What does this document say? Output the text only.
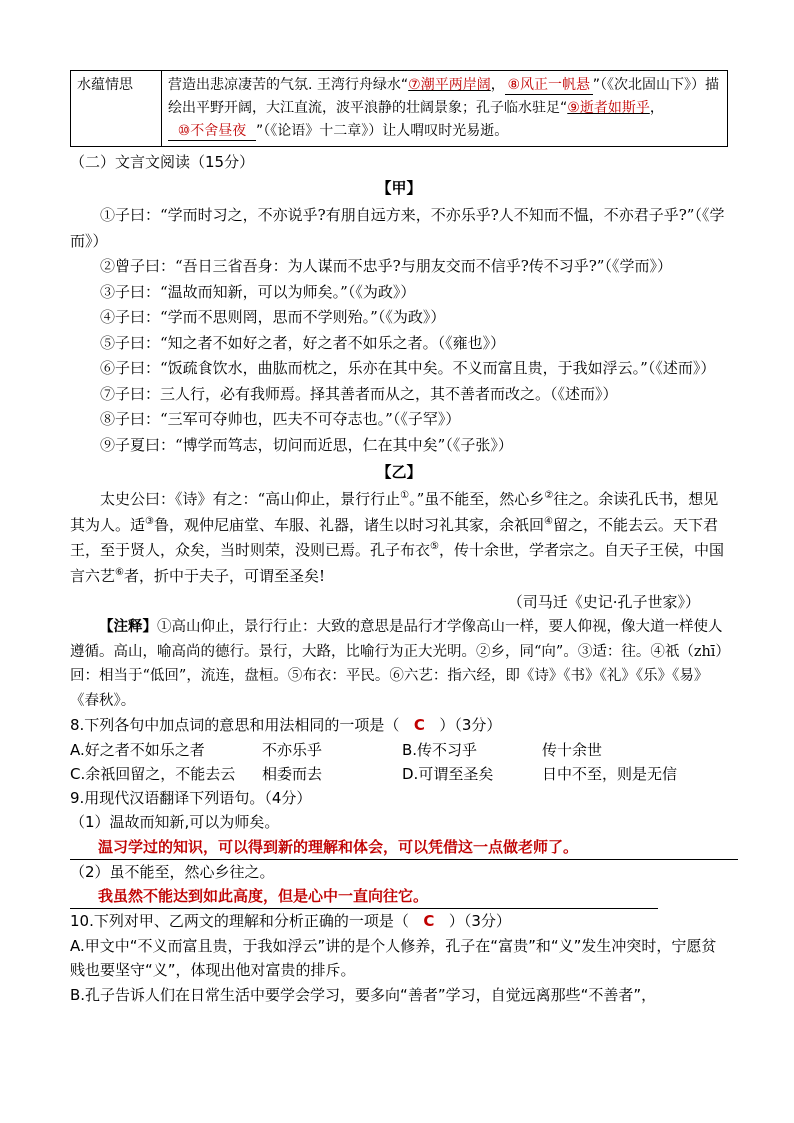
水蕴情思	营造出悲凉凄苦的气氛. 王湾行舟绿水“⑦潮平两岸阔， ⑧风正一帆悬 ”（《次北固山下》）描绘出平野开阔，大江直流，波平浪静的壮阔景象；孔子临水驻足“⑨逝者如斯乎，⑩不舍昼夜 ”（《论语》十二章》）让人喟叹时光易逝。
（二）文言文阅读（15分）
【甲】
①子曰：“学而时习之，不亦说乎?有朋自远方来，不亦乐乎?人不知而不愠，不亦君子乎?”（《学而》）
②曾子曰：“吾日三省吾身：为人谋而不忠乎?与朋友交而不信乎?传不习乎?”（《学而》）
③子曰：“温故而知新，可以为师矣。”（《为政》）
④子曰：“学而不思则罔，思而不学则殆。”（《为政》）
⑤子曰：“知之者不如好之者，好之者不如乐之者。（《雍也》）
⑥子曰：“饭疏食饮水，曲肱而枕之，乐亦在其中矣。不义而富且贵，于我如浮云。”（《述而》）
⑦子曰：三人行，必有我师焉。择其善者而从之，其不善者而改之。（《述而》）
⑧子曰：“三军可夺帅也，匹夫不可夺志也。”（《子罕》）
⑨子夏曰：“博学而笃志，切问而近思，仁在其中矣”（《子张》）
【乙】
太史公曰：《诗》有之：“高山仰止，景行行止①。”虽不能至，然心乡②往之。余读孔氏书，想见其为人。适③鲁，观仲尼庙堂、车服、礼器，诸生以时习礼其家，余祇回④留之，不能去云。天下君王，至于贤人，众矣，当时则荣，没则已焉。孔子布衣⑤，传十余世，学者宗之。自天子王侯，中国言六艺⑥者，折中于夫子，可谓至圣矣!
（司马迁《史记·孔子世家》）
【注释】①高山仰止，景行行止：大致的意思是品行才学像高山一样，要人仰视，像大道一样使人遵循。高山，喻高尚的德行。景行，大路，比喻行为正大光明。②乡，同“向”。③适：往。④祇（zhī）回：相当于“低回”，流连，盘桓。⑤布衣：平民。⑥六艺：指六经，即《诗》《书》《礼》《乐》《易》《春秋》。
8.下列各句中加点词的意思和用法相同的一项是（ C ）（3分）
A.好之者不如乐之者	不亦乐乎	B.传不习乎	传十余世
C.余祇回留之，不能去云	相委而去	D.可谓至圣矣	日中不至，则是无信
9.用现代汉语翻译下列语句。（4分）
（1）温故而知新,可以为师矣。
温习学过的知识，可以得到新的理解和体会，可以凭借这一点做老师了。
（2）虽不能至，然心乡往之。
我虽然不能达到如此高度，但是心中一直向往它。
10.下列对甲、乙两文的理解和分析正确的一项是（ C ）（3分）
A.甲文中“不义而富且贵，于我如浮云”讲的是个人修养，孔子在“富贵”和“义”发生冲突时，宁愿贫贱也要坚守“义”，体现出他对富贵的排斥。
B.孔子告诉人们在日常生活中要学会学习，要多向“善者”学习，自觉远离那些“不善者”，
